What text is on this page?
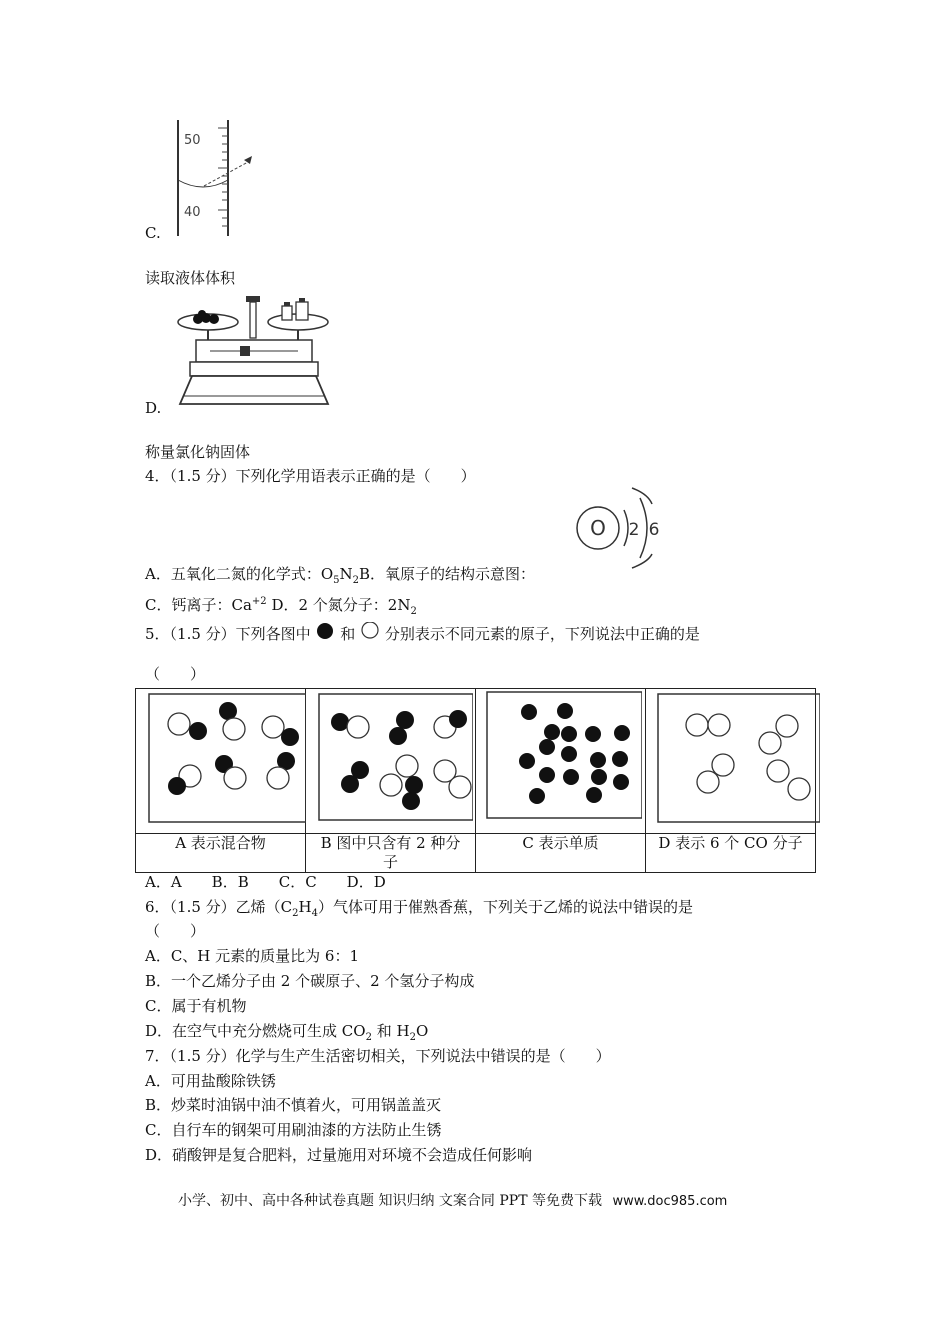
50
40
C.
读取液体体积
D.
称量氯化钠固体
4．（1.5 分）下列化学用语表示正确的是（　　）
O 2 6
A．五氧化二氮的化学式：$O_5N_2B$．氧原子的结构示意图：
C．钙离子：$Ca^{+2}$ D．2 个氮分子：$2N_2$
5．（1.5 分）下列各图中 和 分别表示不同元素的原子，下列说法中正确的是
（　　）

A 表示混合物	B 图中只含有 2 种分子	C 表示单质	D 表示 6 个 CO 分子
A．A　　B．B　　C．C　　D．D
6．（1.5 分）乙烯$(C_2H_4)$气体可用于催熟香蕉，下列关于乙烯的说法中错误的是
（　　）
A．C、H 元素的质量比为 6：1
B．一个乙烯分子由 2 个碳原子、2 个氢分子构成
C．属于有机物
D．在空气中充分燃烧可生成 $CO_2$ 和 $H_2O$
7．（1.5 分）化学与生产生活密切相关，下列说法中错误的是（　　）
A．可用盐酸除铁锈
B．炒菜时油锅中油不慎着火，可用锅盖盖灭
C．自行车的钢架可用刷油漆的方法防止生锈
D．硝酸钾是复合肥料，过量施用对环境不会造成任何影响
小学、初中、高中各种试卷真题 知识归纳 文案合同 PPT 等免费下载 www.doc985.com
